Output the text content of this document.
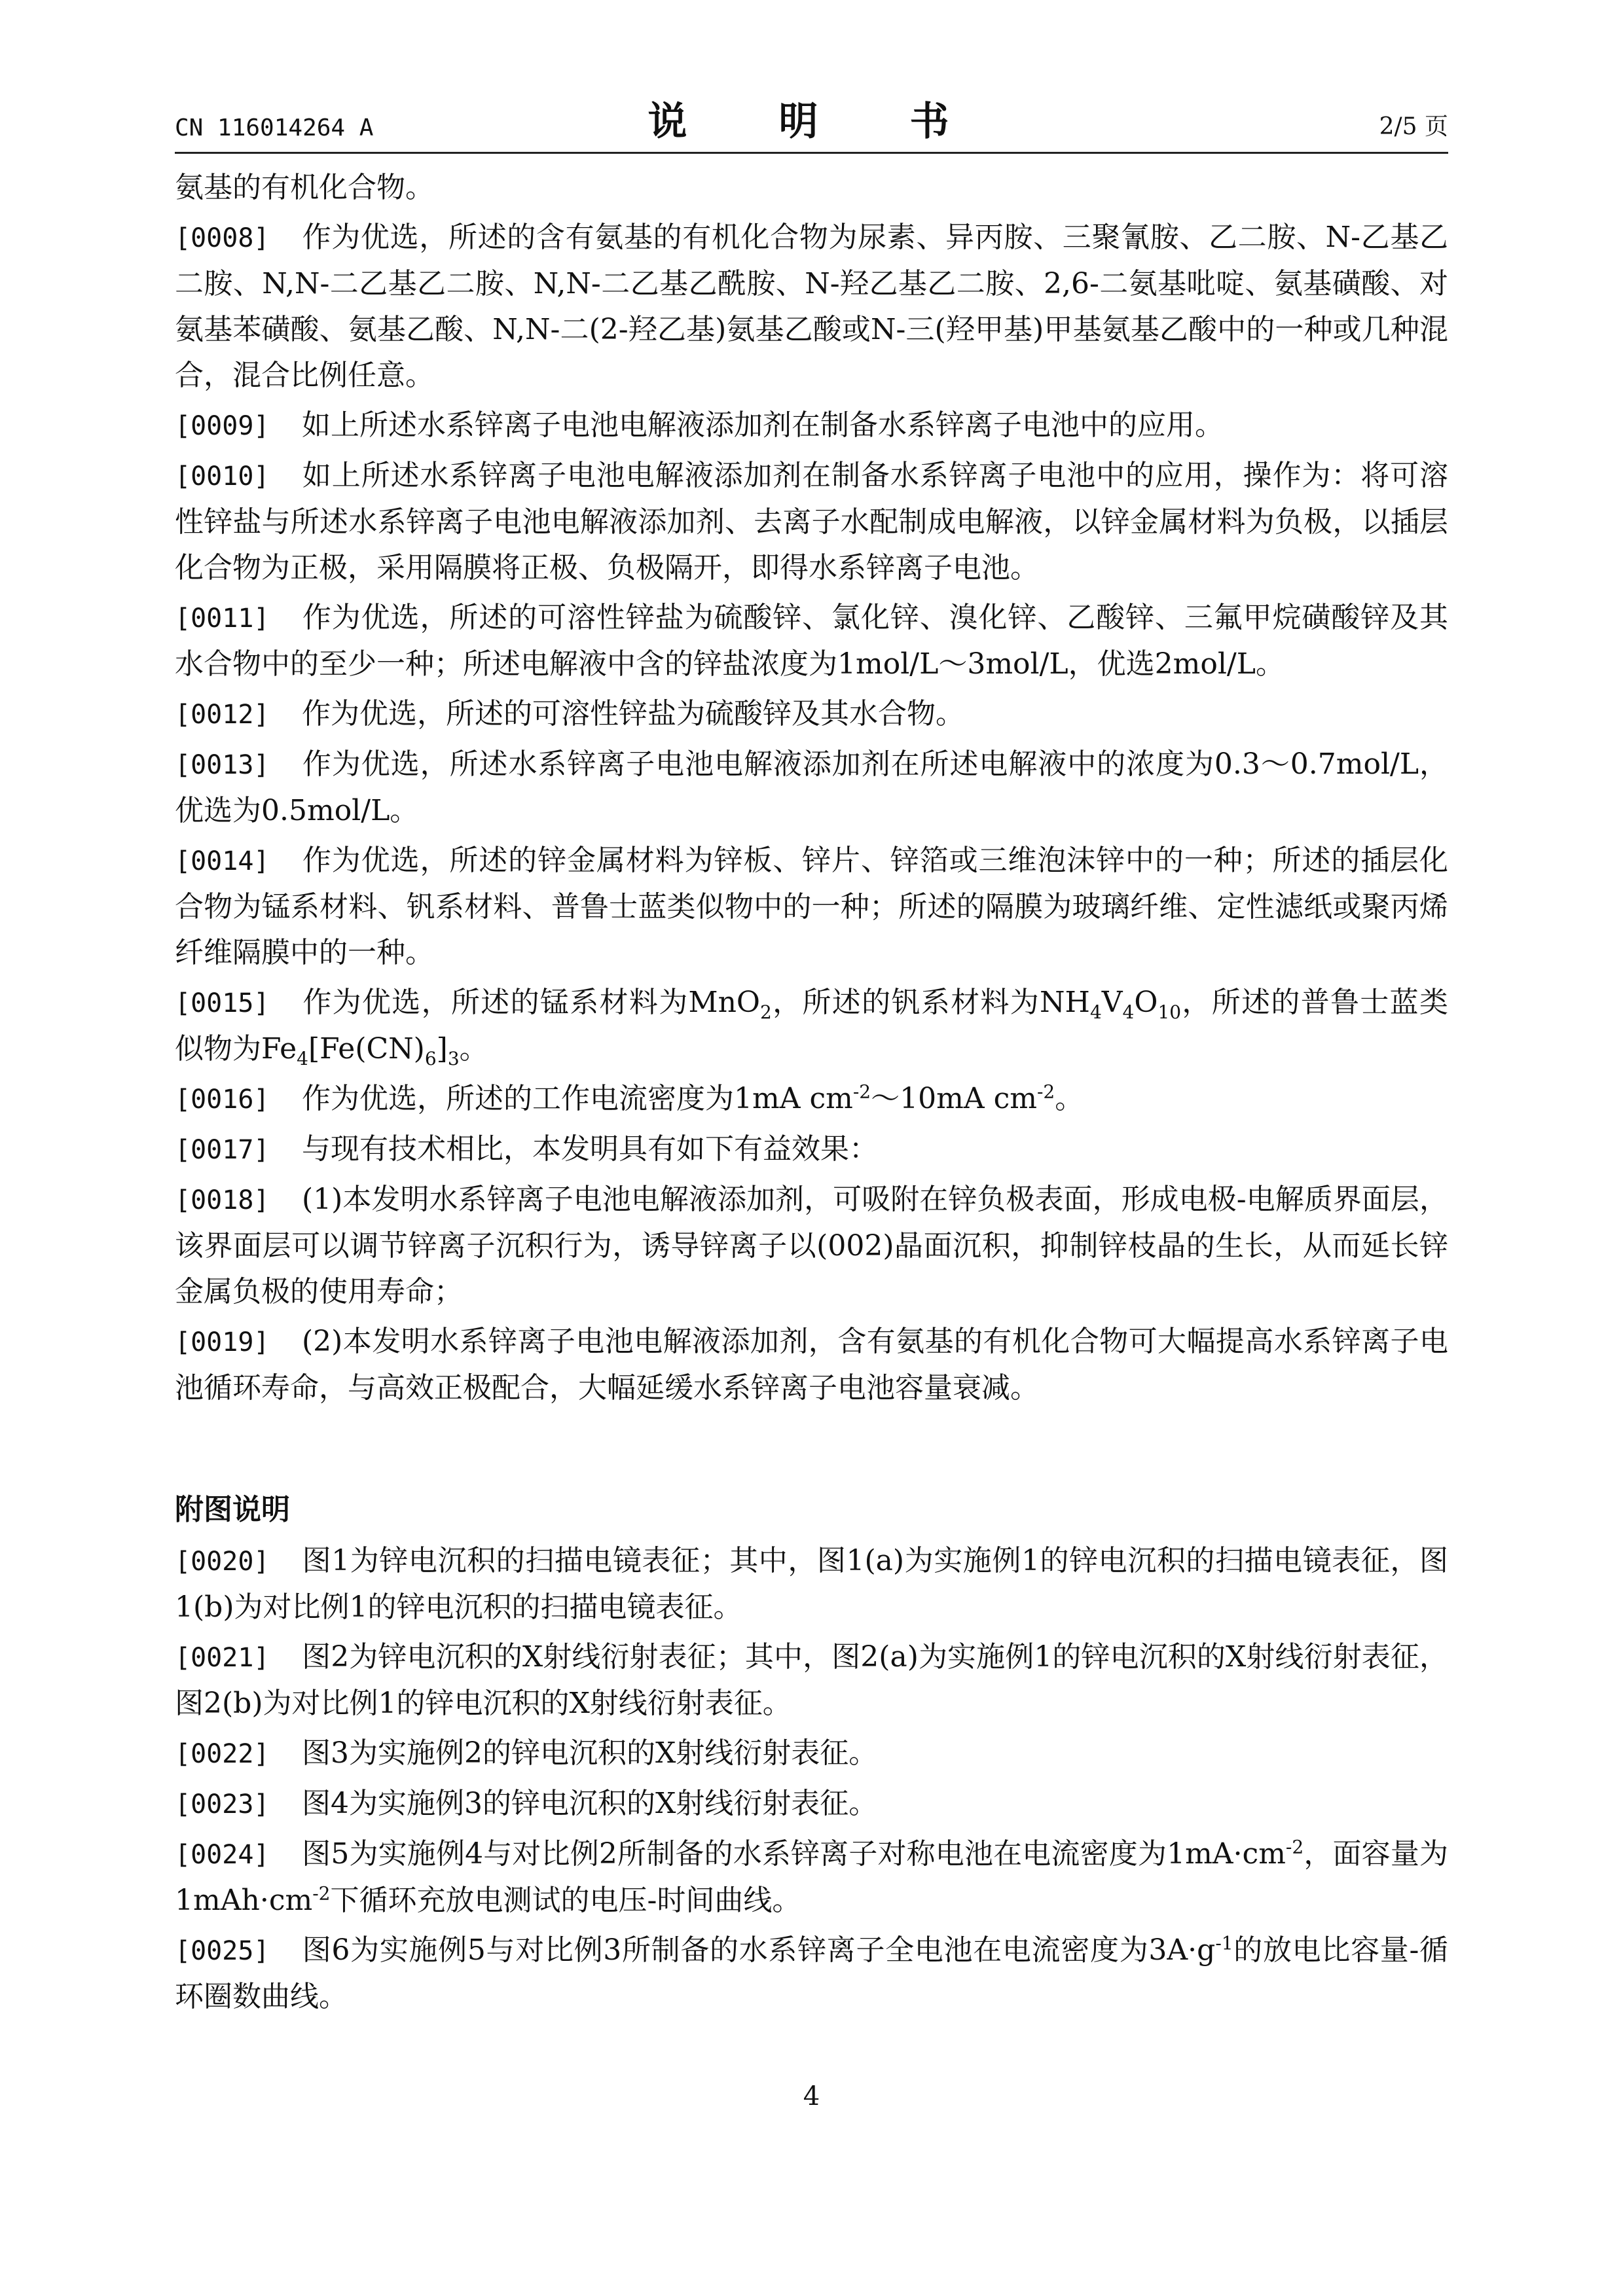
CN 116014264 A	说　明　书	2/5 页

氨基的有机化合物。

[0008] 作为优选，所述的含有氨基的有机化合物为尿素、异丙胺、三聚氰胺、乙二胺、N-乙基乙二胺、N,N-二乙基乙二胺、N,N-二乙基乙酰胺、N-羟乙基乙二胺、2,6-二氨基吡啶、氨基磺酸、对氨基苯磺酸、氨基乙酸、N,N-二(2-羟乙基)氨基乙酸或N-三(羟甲基)甲基氨基乙酸中的一种或几种混合，混合比例任意。

[0009] 如上所述水系锌离子电池电解液添加剂在制备水系锌离子电池中的应用。

[0010] 如上所述水系锌离子电池电解液添加剂在制备水系锌离子电池中的应用，操作为：将可溶性锌盐与所述水系锌离子电池电解液添加剂、去离子水配制成电解液，以锌金属材料为负极，以插层化合物为正极，采用隔膜将正极、负极隔开，即得水系锌离子电池。

[0011] 作为优选，所述的可溶性锌盐为硫酸锌、氯化锌、溴化锌、乙酸锌、三氟甲烷磺酸锌及其水合物中的至少一种；所述电解液中含的锌盐浓度为1mol/L～3mol/L，优选2mol/L。

[0012] 作为优选，所述的可溶性锌盐为硫酸锌及其水合物。

[0013] 作为优选，所述水系锌离子电池电解液添加剂在所述电解液中的浓度为0.3～0.7mol/L，优选为0.5mol/L。

[0014] 作为优选，所述的锌金属材料为锌板、锌片、锌箔或三维泡沫锌中的一种；所述的插层化合物为锰系材料、钒系材料、普鲁士蓝类似物中的一种；所述的隔膜为玻璃纤维、定性滤纸或聚丙烯纤维隔膜中的一种。

[0015] 作为优选，所述的锰系材料为MnO$_2$，所述的钒系材料为$NH_4V_4O_{10}$，所述的普鲁士蓝类似物为$Fe_4[Fe(CN)_6]_3$。

[0016] 作为优选，所述的工作电流密度为1mA $cm^{-2}\sim 10mA$ $cm^{-2}$。

[0017] 与现有技术相比，本发明具有如下有益效果：

[0018] (1)本发明水系锌离子电池电解液添加剂，可吸附在锌负极表面，形成电极-电解质界面层，该界面层可以调节锌离子沉积行为，诱导锌离子以(002)晶面沉积，抑制锌枝晶的生长，从而延长锌金属负极的使用寿命；

[0019] (2)本发明水系锌离子电池电解液添加剂，含有氨基的有机化合物可大幅提高水系锌离子电池循环寿命，与高效正极配合，大幅延缓水系锌离子电池容量衰减。

附图说明

[0020] 图1为锌电沉积的扫描电镜表征；其中，图1(a)为实施例1的锌电沉积的扫描电镜表征，图1(b)为对比例1的锌电沉积的扫描电镜表征。

[0021] 图2为锌电沉积的X射线衍射表征；其中，图2(a)为实施例1的锌电沉积的X射线衍射表征，图2(b)为对比例1的锌电沉积的X射线衍射表征。

[0022] 图3为实施例2的锌电沉积的X射线衍射表征。

[0023] 图4为实施例3的锌电沉积的X射线衍射表征。

[0024] 图5为实施例4与对比例2所制备的水系锌离子对称电池在电流密度为$1mA\cdot cm^{-2}$，面容量为$1mAh\cdot cm^{-2}$下循环充放电测试的电压-时间曲线。

[0025] 图6为实施例5与对比例3所制备的水系锌离子全电池在电流密度为$3A\cdot g^{-1}$的放电比容量-循环圈数曲线。

4
